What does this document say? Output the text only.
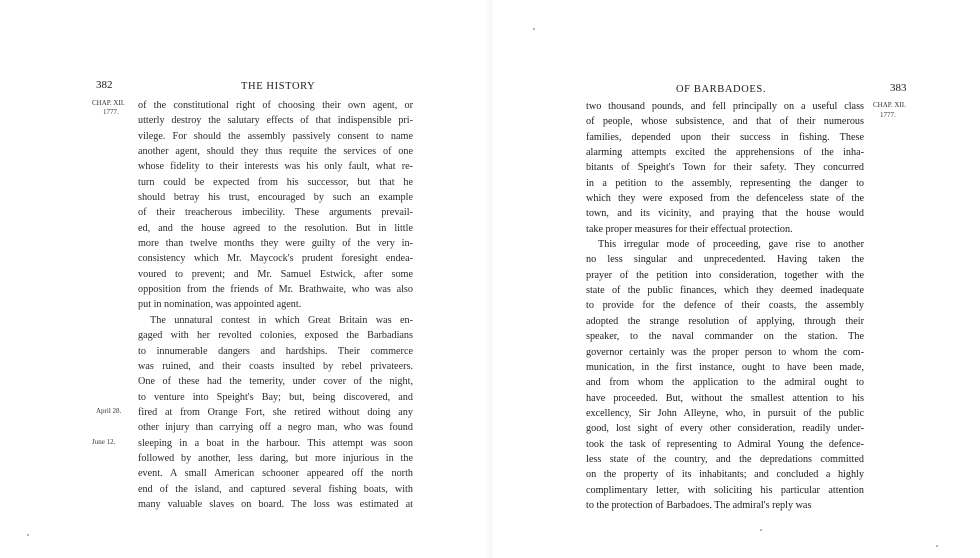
382	THE HISTORY
CHAP. XII.
1777.
April 28.
June 12.
of the constitutional right of choosing their own agent, or
utterly destroy the salutary effects of that indispensible pri-
vilege. For should the assembly passively consent to name
another agent, should they thus requite the services of one
whose fidelity to their interests was his only fault, what re-
turn could be expected from his successor, but that he
should betray his trust, encouraged by such an example
of their treacherous imbecility. These arguments prevail-
ed, and the house agreed to the resolution. But in little
more than twelve months they were guilty of the very in-
consistency which Mr. Maycock's prudent foresight endea-
voured to prevent; and Mr. Samuel Estwick, after some
opposition from the friends of Mr. Brathwaite, who was also
put in nomination, was appointed agent.
The unnatural contest in which Great Britain was en-
gaged with her revolted colonies, exposed the Barbadians
to innumerable dangers and hardships. Their commerce
was ruined, and their coasts insulted by rebel privateers.
One of these had the temerity, under cover of the night,
to venture into Speight's Bay; but, being discovered, and
fired at from Orange Fort, she retired without doing any
other injury than carrying off a negro man, who was found
sleeping in a boat in the harbour. This attempt was soon
followed by another, less daring, but more injurious in the
event. A small American schooner appeared off the north
end of the island, and captured several fishing boats, with
many valuable slaves on board. The loss was estimated at
OF BARBADOES.	383
CHAP. XII.
1777.
two thousand pounds, and fell principally on a useful class
of people, whose subsistence, and that of their numerous
families, depended upon their success in fishing. These
alarming attempts excited the apprehensions of the inha-
bitants of Speight's Town for their safety. They concurred
in a petition to the assembly, representing the danger to
which they were exposed from the defenceless state of the
town, and its vicinity, and praying that the house would
take proper measures for their effectual protection.
This irregular mode of proceeding, gave rise to another
no less singular and unprecedented. Having taken the
prayer of the petition into consideration, together with the
state of the public finances, which they deemed inadequate
to provide for the defence of their coasts, the assembly
adopted the strange resolution of applying, through their
speaker, to the naval commander on the station. The
governor certainly was the proper person to whom the com-
munication, in the first instance, ought to have been made,
and from whom the application to the admiral ought to
have proceeded. But, without the smallest attention to his
excellency, Sir John Alleyne, who, in pursuit of the public
good, lost sight of every other consideration, readily under-
took the task of representing to Admiral Young the defence-
less state of the country, and the depredations committed
on the property of its inhabitants; and concluded a highly
complimentary letter, with soliciting his particular attention
to the protection of Barbadoes. The admiral's reply was
